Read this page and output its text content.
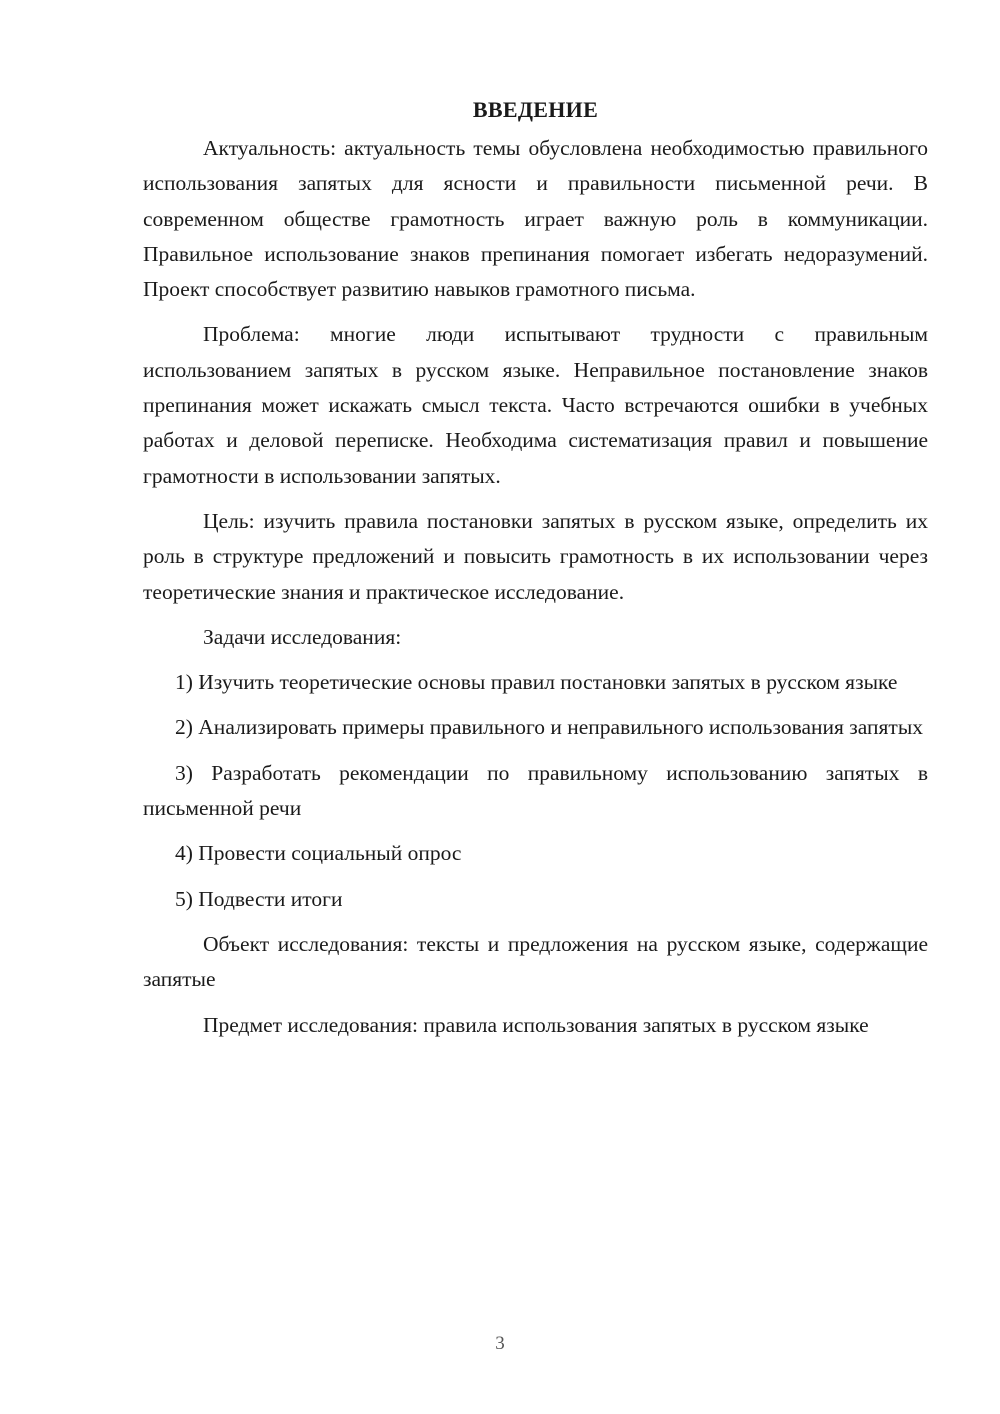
ВВЕДЕНИЕ

Актуальность: актуальность темы обусловлена необходимостью правильного использования запятых для ясности и правильности письменной речи. В современном обществе грамотность играет важную роль в коммуникации. Правильное использование знаков препинания помогает избегать недоразумений. Проект способствует развитию навыков грамотного письма.

Проблема: многие люди испытывают трудности с правильным использованием запятых в русском языке. Неправильное постановление знаков препинания может искажать смысл текста. Часто встречаются ошибки в учебных работах и деловой переписке. Необходима систематизация правил и повышение грамотности в использовании запятых.

Цель: изучить правила постановки запятых в русском языке, определить их роль в структуре предложений и повысить грамотность в их использовании через теоретические знания и практическое исследование.

Задачи исследования:

1) Изучить теоретические основы правил постановки запятых в русском языке

2) Анализировать примеры правильного и неправильного использования запятых

3) Разработать рекомендации по правильному использованию запятых в письменной речи

4) Провести социальный опрос

5) Подвести итоги

Объект исследования: тексты и предложения на русском языке, содержащие запятые

Предмет исследования: правила использования запятых в русском языке

3
